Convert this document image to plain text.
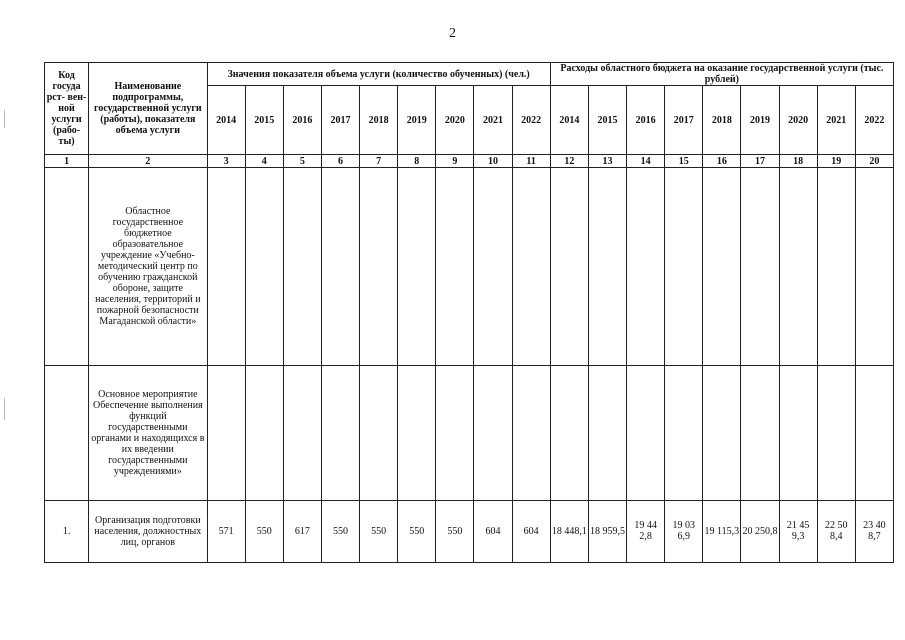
2
Код госуда рст- вен- ной услуги (рабо- ты)	Наименование подпрограммы, государственной услуги (работы), показателя объема услуги	Значения показателя объема услуги (количество обученных) (чел.)									Расходы областного бюджета на оказание государственной услуги (тыс. рублей)								
		2014	2015	2016	2017	2018	2019	2020	2021	2022	2014	2015	2016	2017	2018	2019	2020	2021	2022
1	2	3	4	5	6	7	8	9	10	11	12	13	14	15	16	17	18	19	20
	Областное государственное бюджетное образовательное учреждение «Учебно- методический центр по обучению гражданской обороне, защите населения, территорий и пожарной безопасности Магаданской области»																		
	Основное мероприятие Обеспечение выполнения функций государственными органами и находящихся в их введении государственными учреждениями»																		
1.	Организация подготовки населения, должностных лиц, органов	571	550	617	550	550	550	550	604	604	18 448,1	18 959,5	19 44 2,8	19 03 6,9	19 115,3	20 250,8	21 45 9,3	22 50 8,4	23 40 8,7
